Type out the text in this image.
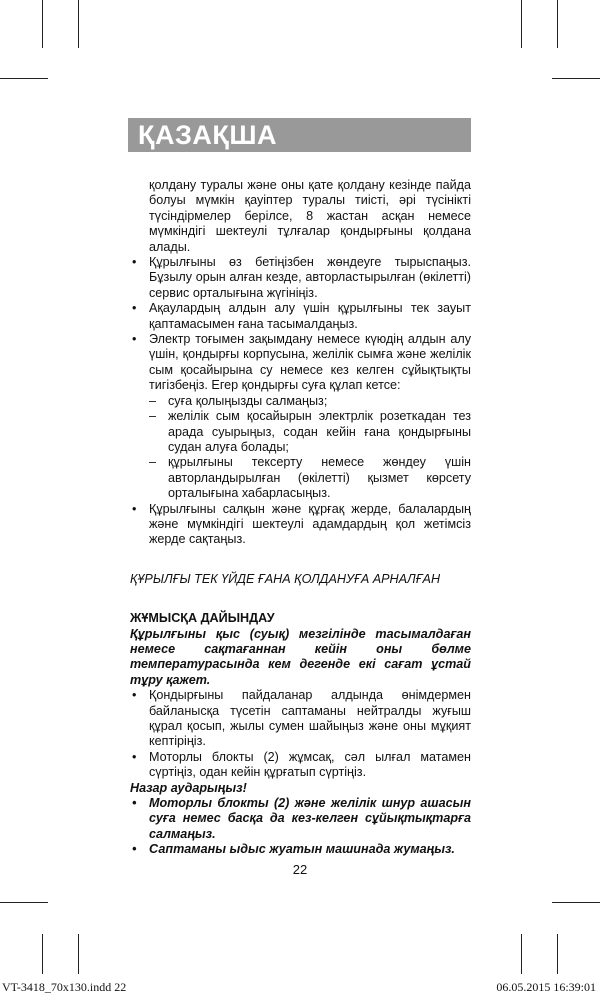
ҚАЗАҚША
қолдану туралы және оны қате қолдану кезінде пайда болуы мүмкін қауіптер туралы тиісті, әрі түсінікті түсіндірмелер берілсе, 8 жастан асқан немесе мүмкіндігі шектеулі тұлғалар қондырғыны қолдана алады.
• Құрылғыны өз бетіңізбен жөндеуге тырыспаңыз. Бұзылу орын алған кезде, авторластырылған (өкілетті) сервис орталығына жүгініңіз.
• Ақаулардың алдын алу үшін құрылғыны тек зауыт қаптамасымен ғана тасымалдаңыз.
• Электр тоғымен зақымдану немесе күюдің алдын алу үшін, қондырғы корпусына, желілік сымға және желілік сым қосайырына су немесе кез келген сұйықтықты тигізбеңіз. Егер қондырғы суға құлап кетсе:
– суға қолыңызды салмаңыз;
– желілік сым қосайырын электрлік розеткадан тез арада суырыңыз, содан кейін ғана қондырғыны судан алуға болады;
– құрылғыны тексерту немесе жөндеу үшін авторландырылған (өкілетті) қызмет көрсету орталығына хабарласыңыз.
• Құрылғыны салқын және құрғақ жерде, балалардың және мүмкіндігі шектеулі адамдардың қол жетімсіз жерде сақтаңыз.

ҚҰРЫЛҒЫ ТЕК ҮЙДЕ ҒАНА ҚОЛДАНУҒА АРНАЛҒАН

ЖҰМЫСҚА ДАЙЫНДАУ

Құрылғыны қыс (суық) мезгілінде тасымалдаған немесе сақтағаннан кейін оны бөлме температурасында кем дегенде екі сағат ұстай тұру қажет.

• Қондырғыны пайдаланар алдында өнімдермен байланысқа түсетін саптаманы нейтралды жуғыш құрал қосып, жылы сумен шайыңыз және оны мұқият кептіріңіз.
• Моторлы блокты (2) жұмсақ, сәл ылғал матамен сүртіңіз, одан кейін құрғатып сүртіңіз.

Назар аударыңыз!

• Моторлы блокты (2) және желілік шнур ашасын суға немес басқа да кез-келген сұйықтықтарға салмаңыз.
• Саптаманы ыдыс жуатын машинада жумаңыз.
22
VT-3418_70x130.indd 22	06.05.2015 16:39:01
